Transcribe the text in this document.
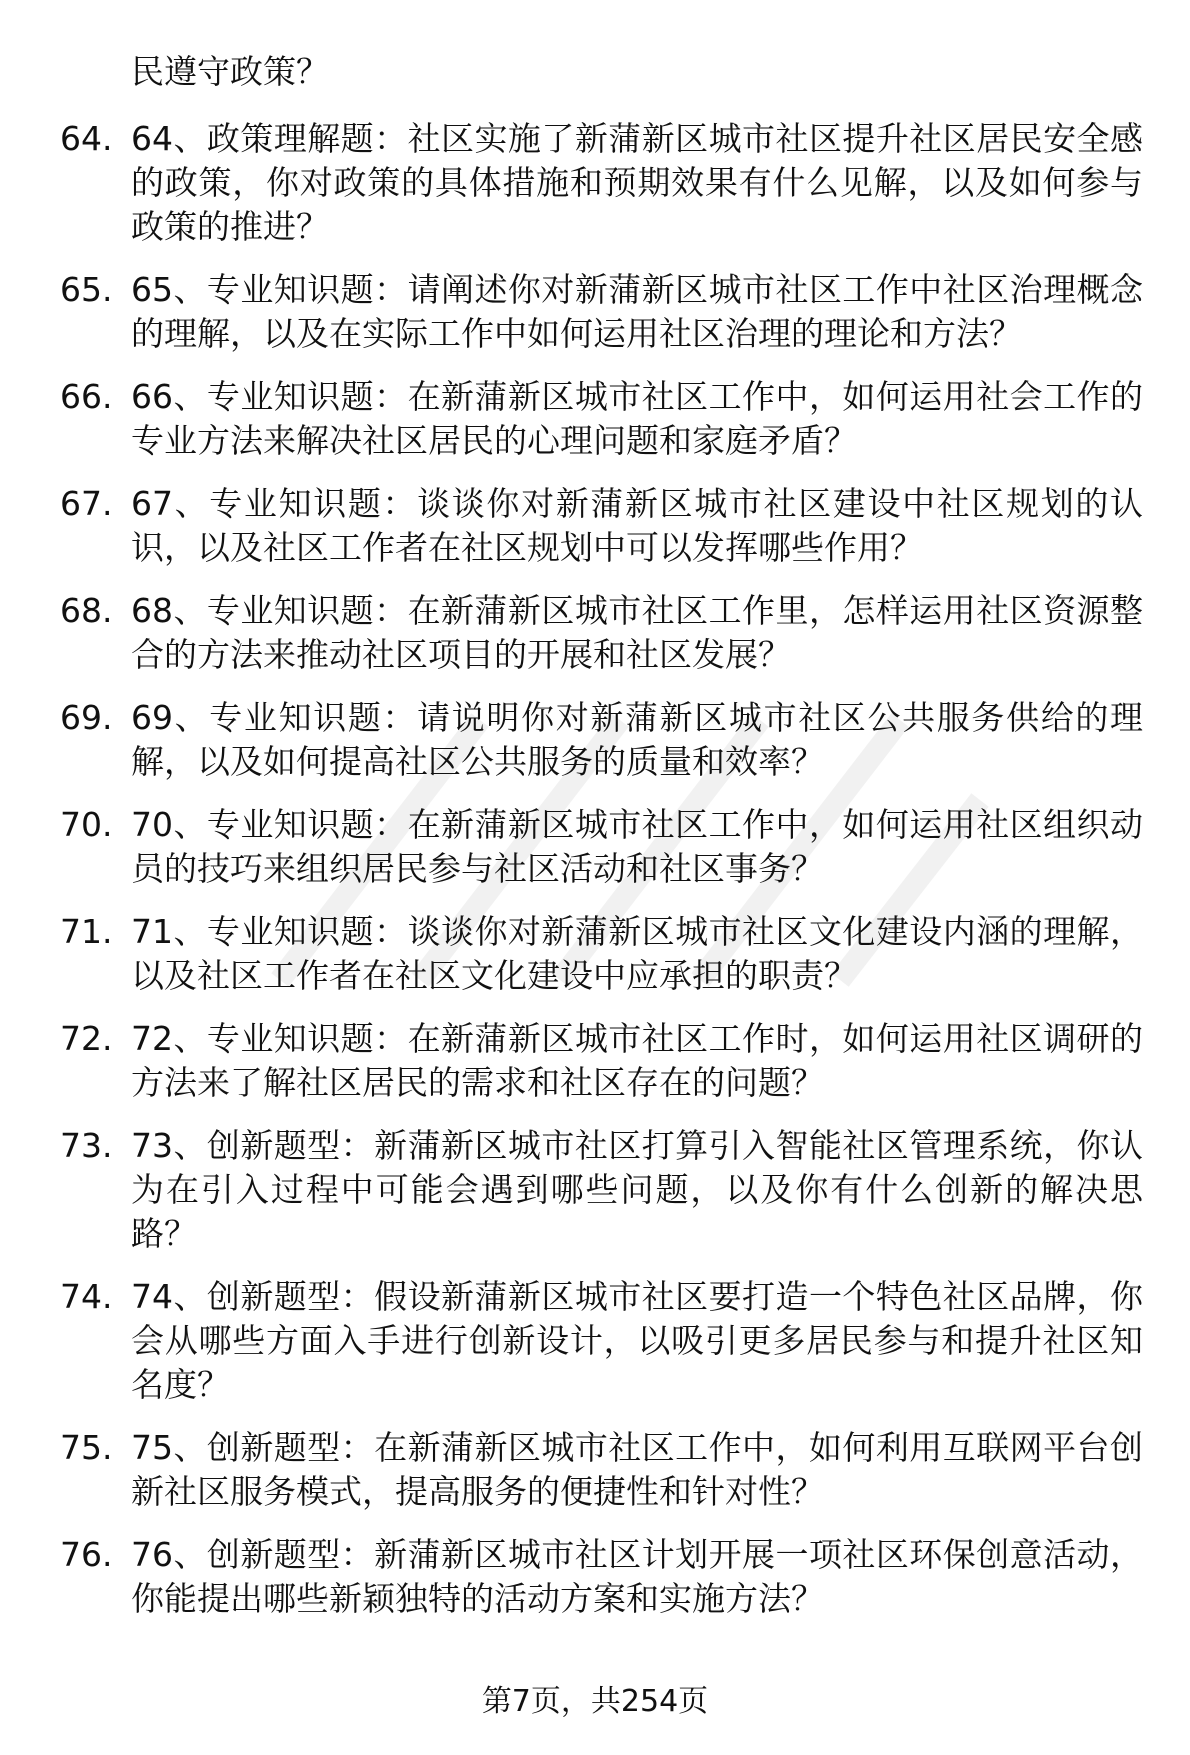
民遵守政策？
64. 64、政策理解题：社区实施了新蒲新区城市社区提升社区居民安全感的政策，你对政策的具体措施和预期效果有什么见解，以及如何参与政策的推进？
65. 65、专业知识题：请阐述你对新蒲新区城市社区工作中社区治理概念的理解，以及在实际工作中如何运用社区治理的理论和方法？
66. 66、专业知识题：在新蒲新区城市社区工作中，如何运用社会工作的专业方法来解决社区居民的心理问题和家庭矛盾？
67. 67、专业知识题：谈谈你对新蒲新区城市社区建设中社区规划的认识，以及社区工作者在社区规划中可以发挥哪些作用？
68. 68、专业知识题：在新蒲新区城市社区工作里，怎样运用社区资源整合的方法来推动社区项目的开展和社区发展？
69. 69、专业知识题：请说明你对新蒲新区城市社区公共服务供给的理解，以及如何提高社区公共服务的质量和效率？
70. 70、专业知识题：在新蒲新区城市社区工作中，如何运用社区组织动员的技巧来组织居民参与社区活动和社区事务？
71. 71、专业知识题：谈谈你对新蒲新区城市社区文化建设内涵的理解，以及社区工作者在社区文化建设中应承担的职责？
72. 72、专业知识题：在新蒲新区城市社区工作时，如何运用社区调研的方法来了解社区居民的需求和社区存在的问题？
73. 73、创新题型：新蒲新区城市社区打算引入智能社区管理系统，你认为在引入过程中可能会遇到哪些问题，以及你有什么创新的解决思路？
74. 74、创新题型：假设新蒲新区城市社区要打造一个特色社区品牌，你会从哪些方面入手进行创新设计，以吸引更多居民参与和提升社区知名度？
75. 75、创新题型：在新蒲新区城市社区工作中，如何利用互联网平台创新社区服务模式，提高服务的便捷性和针对性？
76. 76、创新题型：新蒲新区城市社区计划开展一项社区环保创意活动，你能提出哪些新颖独特的活动方案和实施方法？
第7页，共254页
